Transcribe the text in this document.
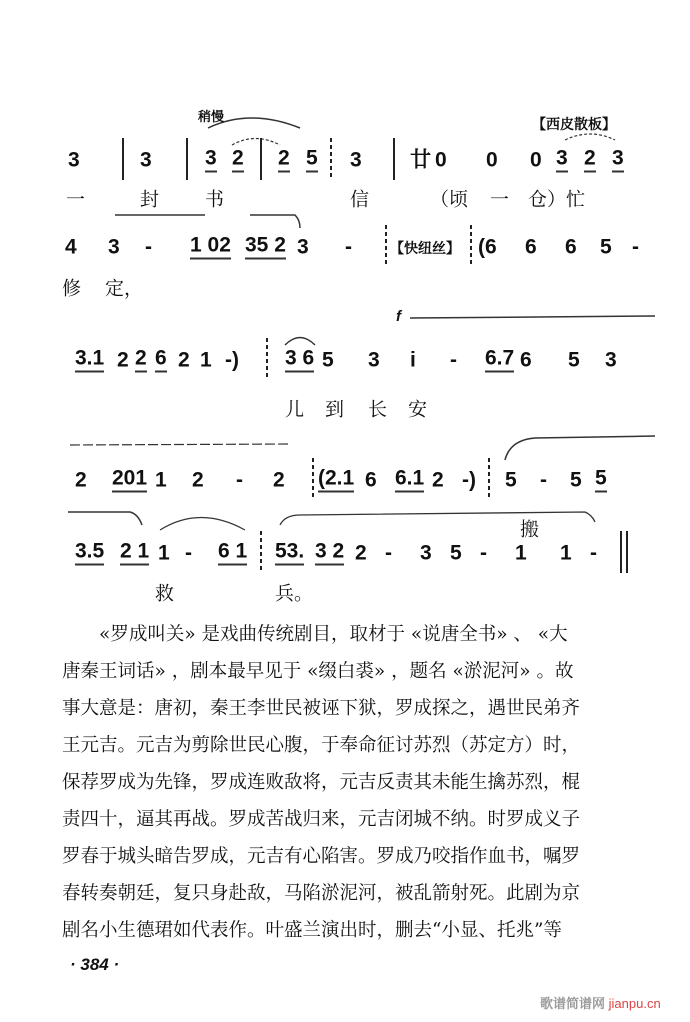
3	3	3 2 2 5 3 廿 0 0 0 3 2 3
一	封 书	信	（顷 一 仓）忙
4 3 - 1 02 35 2 3 -	(6 6 6 5 -
修 定，
3.1 2 2 6 2 1 -) 3 6 5 3 i - 6.7 6 5 3
儿 到 长 安
2 201 1 2 - 2 (2.1 6 6.1 2 -) 5 - 5 5
搬
3.5 2 1 1 - 6 1 53. 3 2 2 - 3 5 - 1 1 -
救	兵。
稍慢	【西皮散板】
【快纽丝】
f
　　«罗成叫关» 是戏曲传统剧目，取材于 «说唐全书» 、 «大
唐秦王词话» ，剧本最早见于 «缀白裘» ，题名 «淤泥河» 。故
事大意是：唐初，秦王李世民被诬下狱，罗成探之，遇世民弟齐
王元吉。元吉为剪除世民心腹，于奉命征讨苏烈（苏定方）时，
保荐罗成为先锋，罗成连败敌将，元吉反责其未能生擒苏烈，棍
责四十，逼其再战。罗成苦战归来，元吉闭城不纳。时罗成义子
罗春于城头暗告罗成，元吉有心陷害。罗成乃咬指作血书，嘱罗
春转奏朝廷，复只身赴敌，马陷淤泥河，被乱箭射死。此剧为京
剧名小生德珺如代表作。叶盛兰演出时，删去“小显、托兆”等
· 384 ·
歌谱简谱网 jianpu.cn
